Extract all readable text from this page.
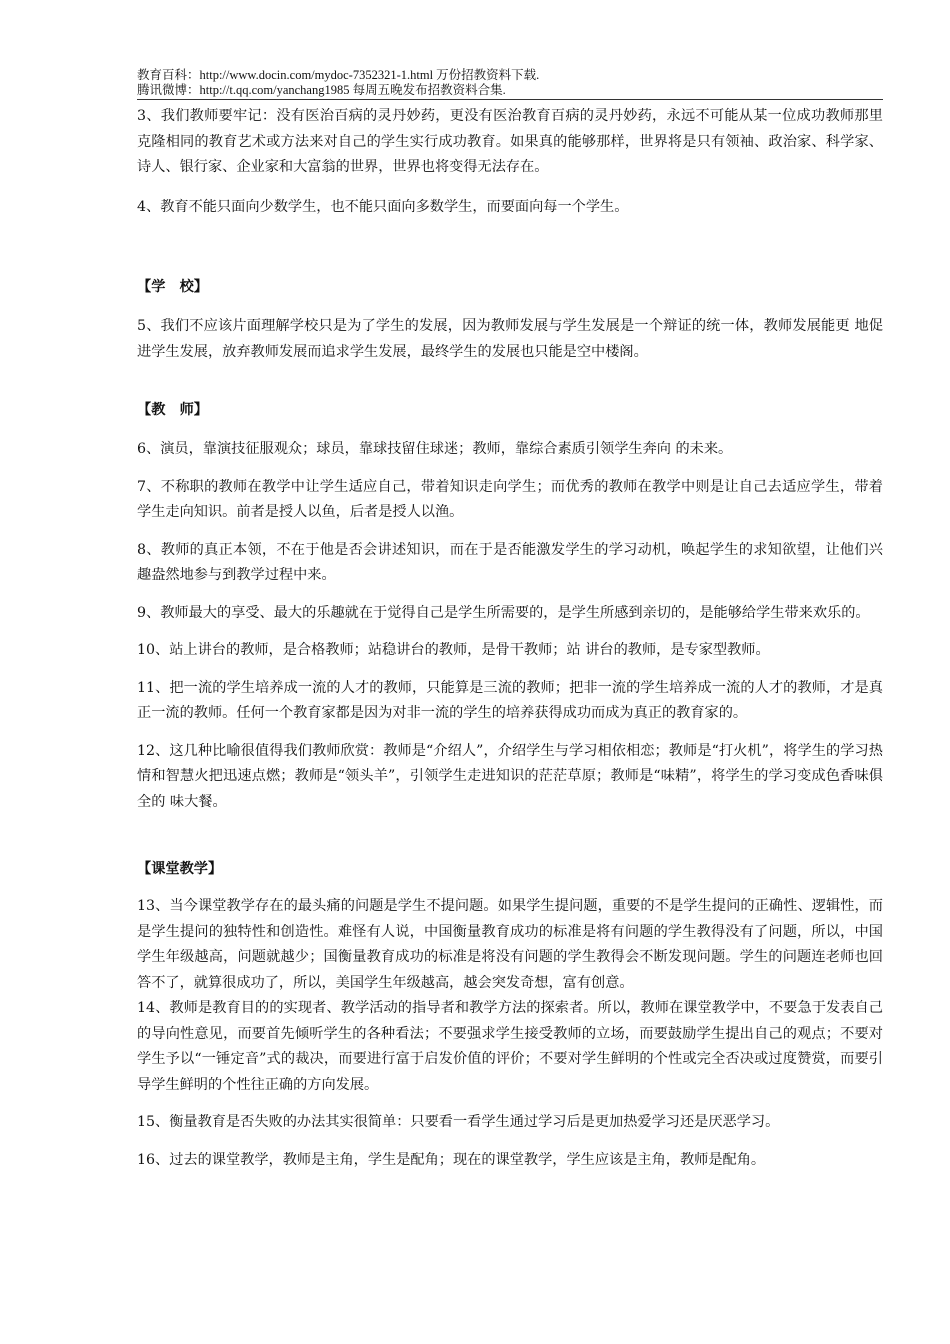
教育百科：http://www.docin.com/mydoc-7352321-1.html 万份招教资料下载.
腾讯微博：http://t.qq.com/yanchang1985 每周五晚发布招教资料合集.

3、我们教师要牢记：没有医治百病的灵丹妙药，更没有医治教育百病的灵丹妙药，永远不可能从某一位成功教师那里克隆相同的教育艺术或方法来对自己的学生实行成功教育。如果真的能够那样，世界将是只有领袖、政治家、科学家、诗人、银行家、企业家和大富翁的世界，世界也将变得无法存在。

4、教育不能只面向少数学生，也不能只面向多数学生，而要面向每一个学生。

【学　校】

5、我们不应该片面理解学校只是为了学生的发展，因为教师发展与学生发展是一个辩证的统一体，教师发展能更 地促进学生发展，放弃教师发展而追求学生发展，最终学生的发展也只能是空中楼阁。

【教　师】

6、演员，靠演技征服观众；球员，靠球技留住球迷；教师，靠综合素质引领学生奔向 的未来。

7、不称职的教师在教学中让学生适应自己，带着知识走向学生；而优秀的教师在教学中则是让自己去适应学生，带着学生走向知识。前者是授人以鱼，后者是授人以渔。

8、教师的真正本领，不在于他是否会讲述知识，而在于是否能激发学生的学习动机，唤起学生的求知欲望，让他们兴趣盎然地参与到教学过程中来。

9、教师最大的享受、最大的乐趣就在于觉得自己是学生所需要的，是学生所感到亲切的，是能够给学生带来欢乐的。

10、站上讲台的教师，是合格教师；站稳讲台的教师，是骨干教师；站 讲台的教师，是专家型教师。

11、把一流的学生培养成一流的人才的教师，只能算是三流的教师；把非一流的学生培养成一流的人才的教师，才是真正一流的教师。任何一个教育家都是因为对非一流的学生的培养获得成功而成为真正的教育家的。

12、这几种比喻很值得我们教师欣赏：教师是“介绍人”，介绍学生与学习相依相恋；教师是“打火机”，将学生的学习热情和智慧火把迅速点燃；教师是“领头羊”，引领学生走进知识的茫茫草原；教师是“味精”，将学生的学习变成色香味俱全的 味大餐。

【课堂教学】

13、当今课堂教学存在的最头痛的问题是学生不提问题。如果学生提问题，重要的不是学生提问的正确性、逻辑性，而是学生提问的独特性和创造性。难怪有人说，中国衡量教育成功的标准是将有问题的学生教得没有了问题，所以，中国学生年级越高，问题就越少；国衡量教育成功的标准是将没有问题的学生教得会不断发现问题。学生的问题连老师也回答不了，就算很成功了，所以，美国学生年级越高，越会突发奇想，富有创意。

14、教师是教育目的的实现者、教学活动的指导者和教学方法的探索者。所以，教师在课堂教学中，不要急于发表自己的导向性意见，而要首先倾听学生的各种看法；不要强求学生接受教师的立场，而要鼓励学生提出自己的观点；不要对学生予以“一锤定音”式的裁决，而要进行富于启发价值的评价；不要对学生鲜明的个性或完全否决或过度赞赏，而要引导学生鲜明的个性往正确的方向发展。

15、衡量教育是否失败的办法其实很简单：只要看一看学生通过学习后是更加热爱学习还是厌恶学习。

16、过去的课堂教学，教师是主角，学生是配角；现在的课堂教学，学生应该是主角，教师是配角。
